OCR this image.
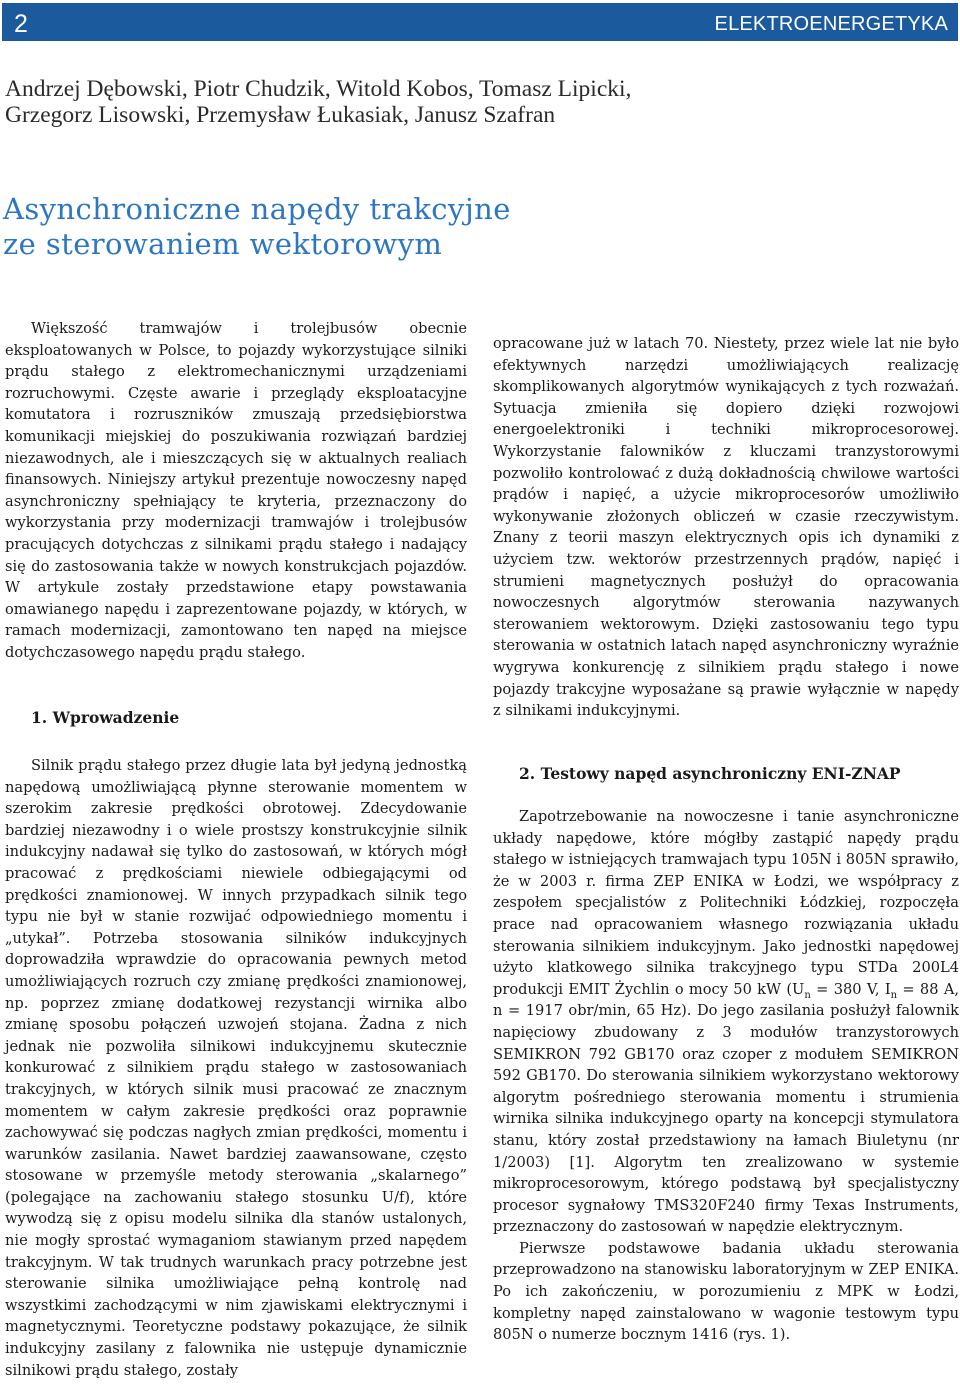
2	ELEKTROENERGETYKA
Andrzej Dębowski, Piotr Chudzik, Witold Kobos, Tomasz Lipicki,
Grzegorz Lisowski, Przemysław Łukasiak, Janusz Szafran
Asynchroniczne napędy trakcyjne
ze sterowaniem wektorowym

Większość tramwajów i trolejbusów obecnie eksploatowanych w Polsce, to pojazdy wykorzystujące silniki prądu stałego z elektromechanicznymi urządzeniami rozruchowymi. Częste awarie i przeglądy eksploatacyjne komutatora i rozruszników zmuszają przedsiębiorstwa komunikacji miejskiej do poszukiwania rozwiązań bardziej niezawodnych, ale i mieszczących się w aktualnych realiach finansowych. Niniejszy artykuł prezentuje nowoczesny napęd asynchroniczny spełniający te kryteria, przeznaczony do wykorzystania przy modernizacji tramwajów i trolejbusów pracujących dotychczas z silnikami prądu stałego i nadający się do zastosowania także w nowych konstrukcjach pojazdów. W artykule zostały przedstawione etapy powstawania omawianego napędu i zaprezentowane pojazdy, w których, w ramach modernizacji, zamontowano ten napęd na miejsce dotychczasowego napędu prądu stałego.

1. Wprowadzenie

Silnik prądu stałego przez długie lata był jedyną jednostką napędową umożliwiającą płynne sterowanie momentem w szerokim zakresie prędkości obrotowej. Zdecydowanie bardziej niezawodny i o wiele prostszy konstrukcyjnie silnik indukcyjny nadawał się tylko do zastosowań, w których mógł pracować z prędkościami niewiele odbiegającymi od prędkości znamionowej. W innych przypadkach silnik tego typu nie był w stanie rozwijać odpowiedniego momentu i „utykał”. Potrzeba stosowania silników indukcyjnych doprowadziła wprawdzie do opracowania pewnych metod umożliwiających rozruch czy zmianę prędkości znamionowej, np. poprzez zmianę dodatkowej rezystancji wirnika albo zmianę sposobu połączeń uzwojeń stojana. Żadna z nich jednak nie pozwoliła silnikowi indukcyjnemu skutecznie konkurować z silnikiem prądu stałego w zastosowaniach trakcyjnych, w których silnik musi pracować ze znacznym momentem w całym zakresie prędkości oraz poprawnie zachowywać się podczas nagłych zmian prędkości, momentu i warunków zasilania. Nawet bardziej zaawansowane, często stosowane w przemyśle metody sterowania „skalarnego” (polegające na zachowaniu stałego stosunku U/f), które wywodzą się z opisu modelu silnika dla stanów ustalonych, nie mogły sprostać wymaganiom stawianym przed napędem trakcyjnym. W tak trudnych warunkach pracy potrzebne jest sterowanie silnika umożliwiające pełną kontrolę nad wszystkimi zachodzącymi w nim zjawiskami elektrycznymi i magnetycznymi. Teoretyczne podstawy pokazujące, że silnik indukcyjny zasilany z falownika nie ustępuje dynamicznie silnikowi prądu stałego, zostały

opracowane już w latach 70. Niestety, przez wiele lat nie było efektywnych narzędzi umożliwiających realizację skomplikowanych algorytmów wynikających z tych rozważań. Sytuacja zmieniła się dopiero dzięki rozwojowi energoelektroniki i techniki mikroprocesorowej. Wykorzystanie falowników z kluczami tranzystorowymi pozwoliło kontrolować z dużą dokładnością chwilowe wartości prądów i napięć, a użycie mikroprocesorów umożliwiło wykonywanie złożonych obliczeń w czasie rzeczywistym. Znany z teorii maszyn elektrycznych opis ich dynamiki z użyciem tzw. wektorów przestrzennych prądów, napięć i strumieni magnetycznych posłużył do opracowania nowoczesnych algorytmów sterowania nazywanych sterowaniem wektorowym. Dzięki zastosowaniu tego typu sterowania w ostatnich latach napęd asynchroniczny wyraźnie wygrywa konkurencję z silnikiem prądu stałego i nowe pojazdy trakcyjne wyposażane są prawie wyłącznie w napędy z silnikami indukcyjnymi.

2. Testowy napęd asynchroniczny ENI-ZNAP

Zapotrzebowanie na nowoczesne i tanie asynchroniczne układy napędowe, które mógłby zastąpić napędy prądu stałego w istniejących tramwajach typu 105N i 805N sprawiło, że w 2003 r. firma ZEP ENIKA w Łodzi, we współpracy z zespołem specjalistów z Politechniki Łódzkiej, rozpoczęła prace nad opracowaniem własnego rozwiązania układu sterowania silnikiem indukcyjnym. Jako jednostki napędowej użyto klatkowego silnika trakcyjnego typu STDa 200L4 produkcji EMIT Żychlin o mocy 50 kW ($U_n = 380$ V, $I_n = 88$ A, n = 1917 obr/min, 65 Hz). Do jego zasilania posłużył falownik napięciowy zbudowany z 3 modułów tranzystorowych SEMIKRON 792 GB170 oraz czoper z modułem SEMIKRON 592 GB170. Do sterowania silnikiem wykorzystano wektorowy algorytm pośredniego sterowania momentu i strumienia wirnika silnika indukcyjnego oparty na koncepcji stymulatora stanu, który został przedstawiony na łamach Biuletynu (nr 1/2003) [1]. Algorytm ten zrealizowano w systemie mikroprocesorowym, którego podstawą był specjalistyczny procesor sygnałowy TMS320F240 firmy Texas Instruments, przeznaczony do zastosowań w napędzie elektrycznym.

Pierwsze podstawowe badania układu sterowania przeprowadzono na stanowisku laboratoryjnym w ZEP ENIKA. Po ich zakończeniu, w porozumieniu z MPK w Łodzi, kompletny napęd zainstalowano w wagonie testowym typu 805N o numerze bocznym 1416 (rys. 1).
